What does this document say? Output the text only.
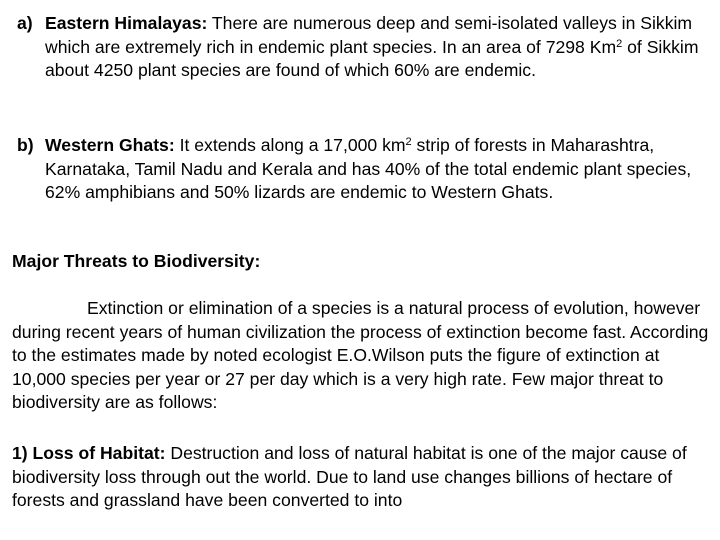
a) Eastern Himalayas: There are numerous deep and semi-isolated valleys in Sikkim which are extremely rich in endemic plant species. In an area of 7298 Km$^2$ of Sikkim about 4250 plant species are found of which 60% are endemic.
b) Western Ghats: It extends along a 17,000 $km^2$ strip of forests in Maharashtra, Karnataka, Tamil Nadu and Kerala and has 40% of the total endemic plant species, 62% amphibians and 50% lizards are endemic to Western Ghats.
Major Threats to Biodiversity:
Extinction or elimination of a species is a natural process of evolution, however during recent years of human civilization the process of extinction become fast. According to the estimates made by noted ecologist E.O.Wilson puts the figure of extinction at 10,000 species per year or 27 per day which is a very high rate. Few major threat to biodiversity are as follows:
1) Loss of Habitat: Destruction and loss of natural habitat is one of the major cause of biodiversity loss through out the world. Due to land use changes billions of hectare of forests and grassland have been converted to into
